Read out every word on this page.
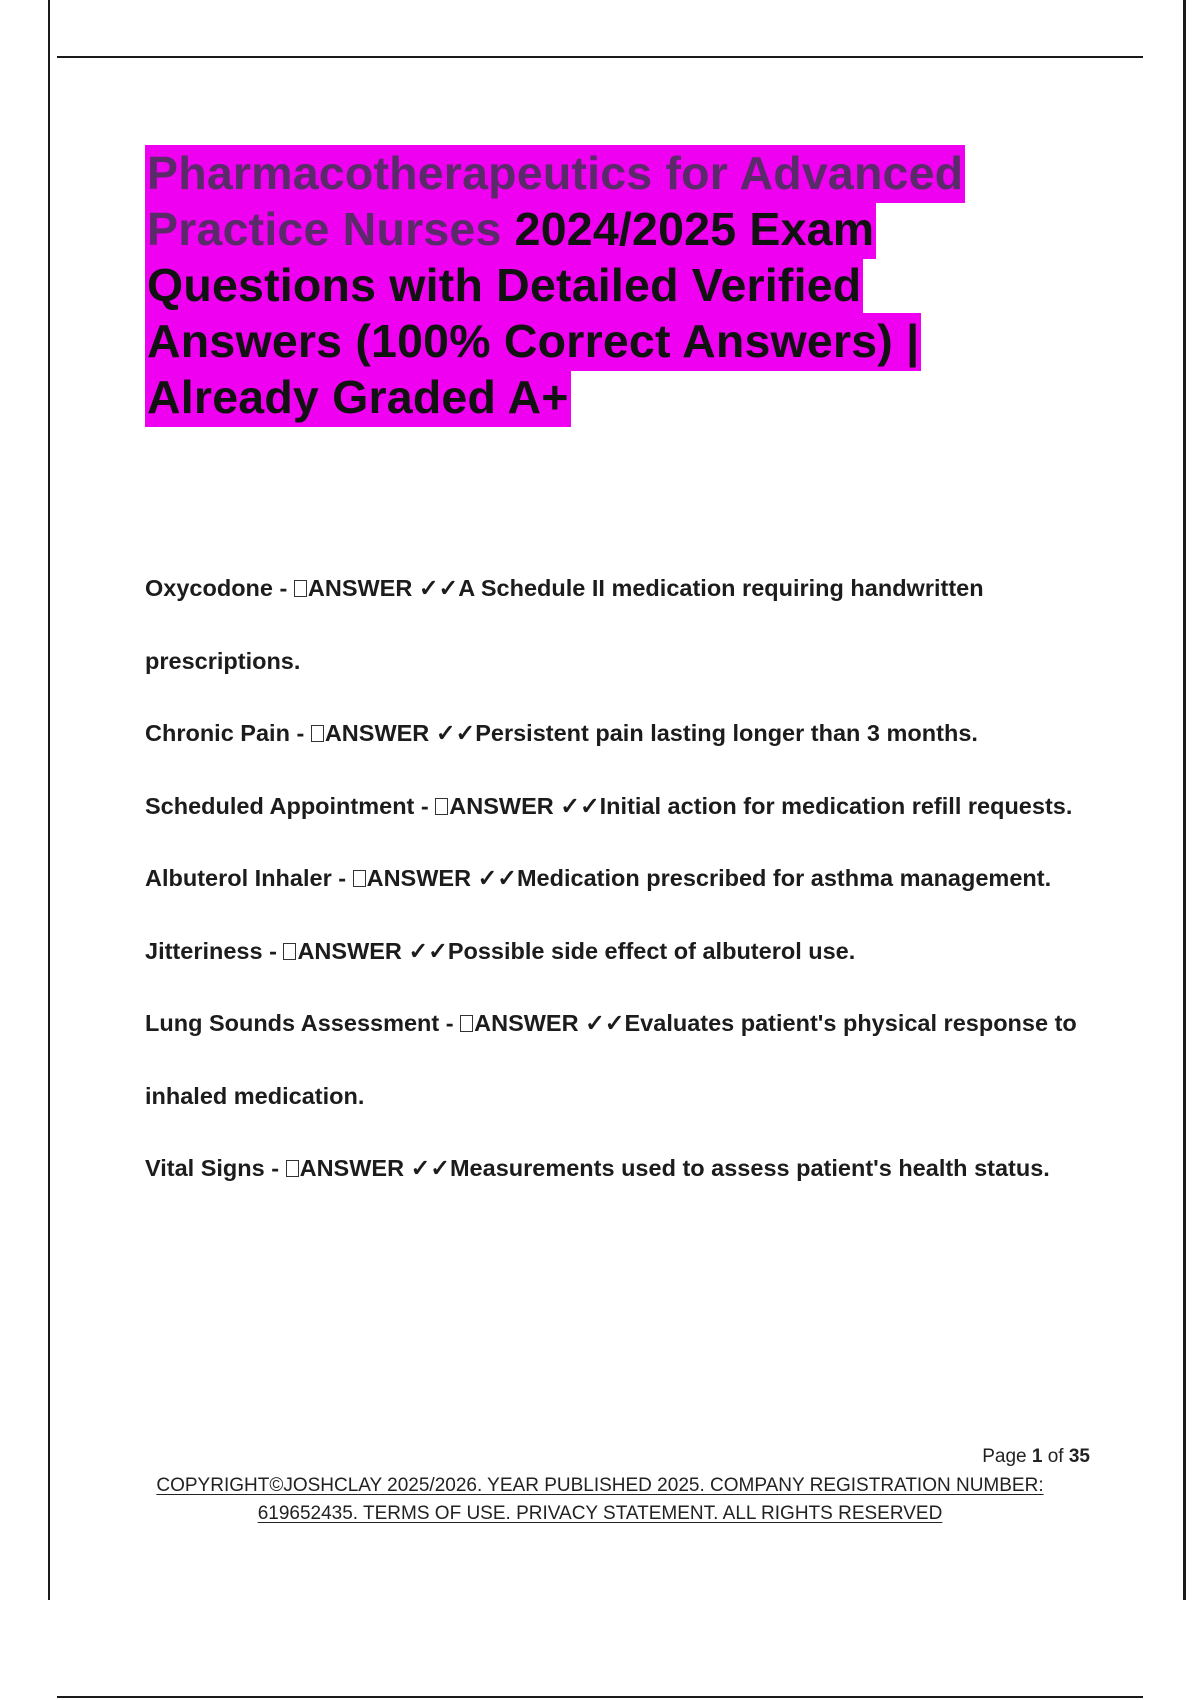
Pharmacotherapeutics for Advanced Practice Nurses 2024/2025 Exam Questions with Detailed Verified Answers (100% Correct Answers) | Already Graded A+
Oxycodone - ANSWER ✓✓A Schedule II medication requiring handwritten prescriptions.
Chronic Pain - ANSWER ✓✓Persistent pain lasting longer than 3 months.
Scheduled Appointment - ANSWER ✓✓Initial action for medication refill requests.
Albuterol Inhaler - ANSWER ✓✓Medication prescribed for asthma management.
Jitteriness - ANSWER ✓✓Possible side effect of albuterol use.
Lung Sounds Assessment - ANSWER ✓✓Evaluates patient's physical response to inhaled medication.
Vital Signs - ANSWER ✓✓Measurements used to assess patient's health status.
Page 1 of 35
COPYRIGHT©JOSHCLAY 2025/2026. YEAR PUBLISHED 2025. COMPANY REGISTRATION NUMBER: 619652435. TERMS OF USE. PRIVACY STATEMENT. ALL RIGHTS RESERVED
